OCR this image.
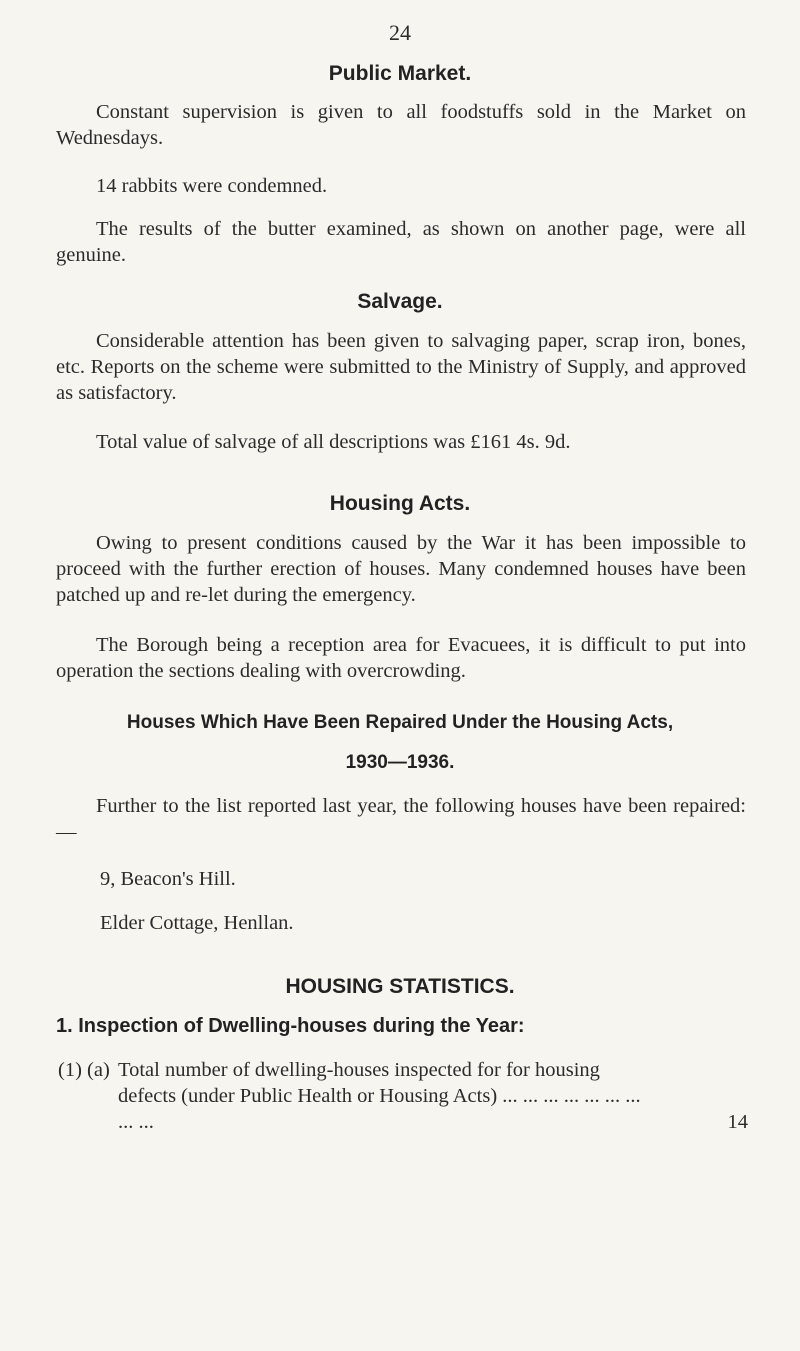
24
Public Market.
Constant supervision is given to all foodstuffs sold in the Market on Wednesdays.
14 rabbits were condemned.
The results of the butter examined, as shown on another page, were all genuine.
Salvage.
Considerable attention has been given to salvaging paper, scrap iron, bones, etc. Reports on the scheme were submitted to the Ministry of Supply, and approved as satisfactory.
Total value of salvage of all descriptions was £161 4s. 9d.
Housing Acts.
Owing to present conditions caused by the War it has been impossible to proceed with the further erection of houses. Many condemned houses have been patched up and re-let during the emergency.
The Borough being a reception area for Evacuees, it is difficult to put into operation the sections dealing with overcrowding.
Houses Which Have Been Repaired Under the Housing Acts,
1930—1936.
Further to the list reported last year, the following houses have been repaired:—
9, Beacon's Hill.
Elder Cottage, Henllan.
HOUSING STATISTICS.
1. Inspection of Dwelling-houses during the Year:
(1) (a) Total number of dwelling-houses inspected for for housing defects (under Public Health or Housing Acts) ... ... ... ... ... ... ... ... ...	14
